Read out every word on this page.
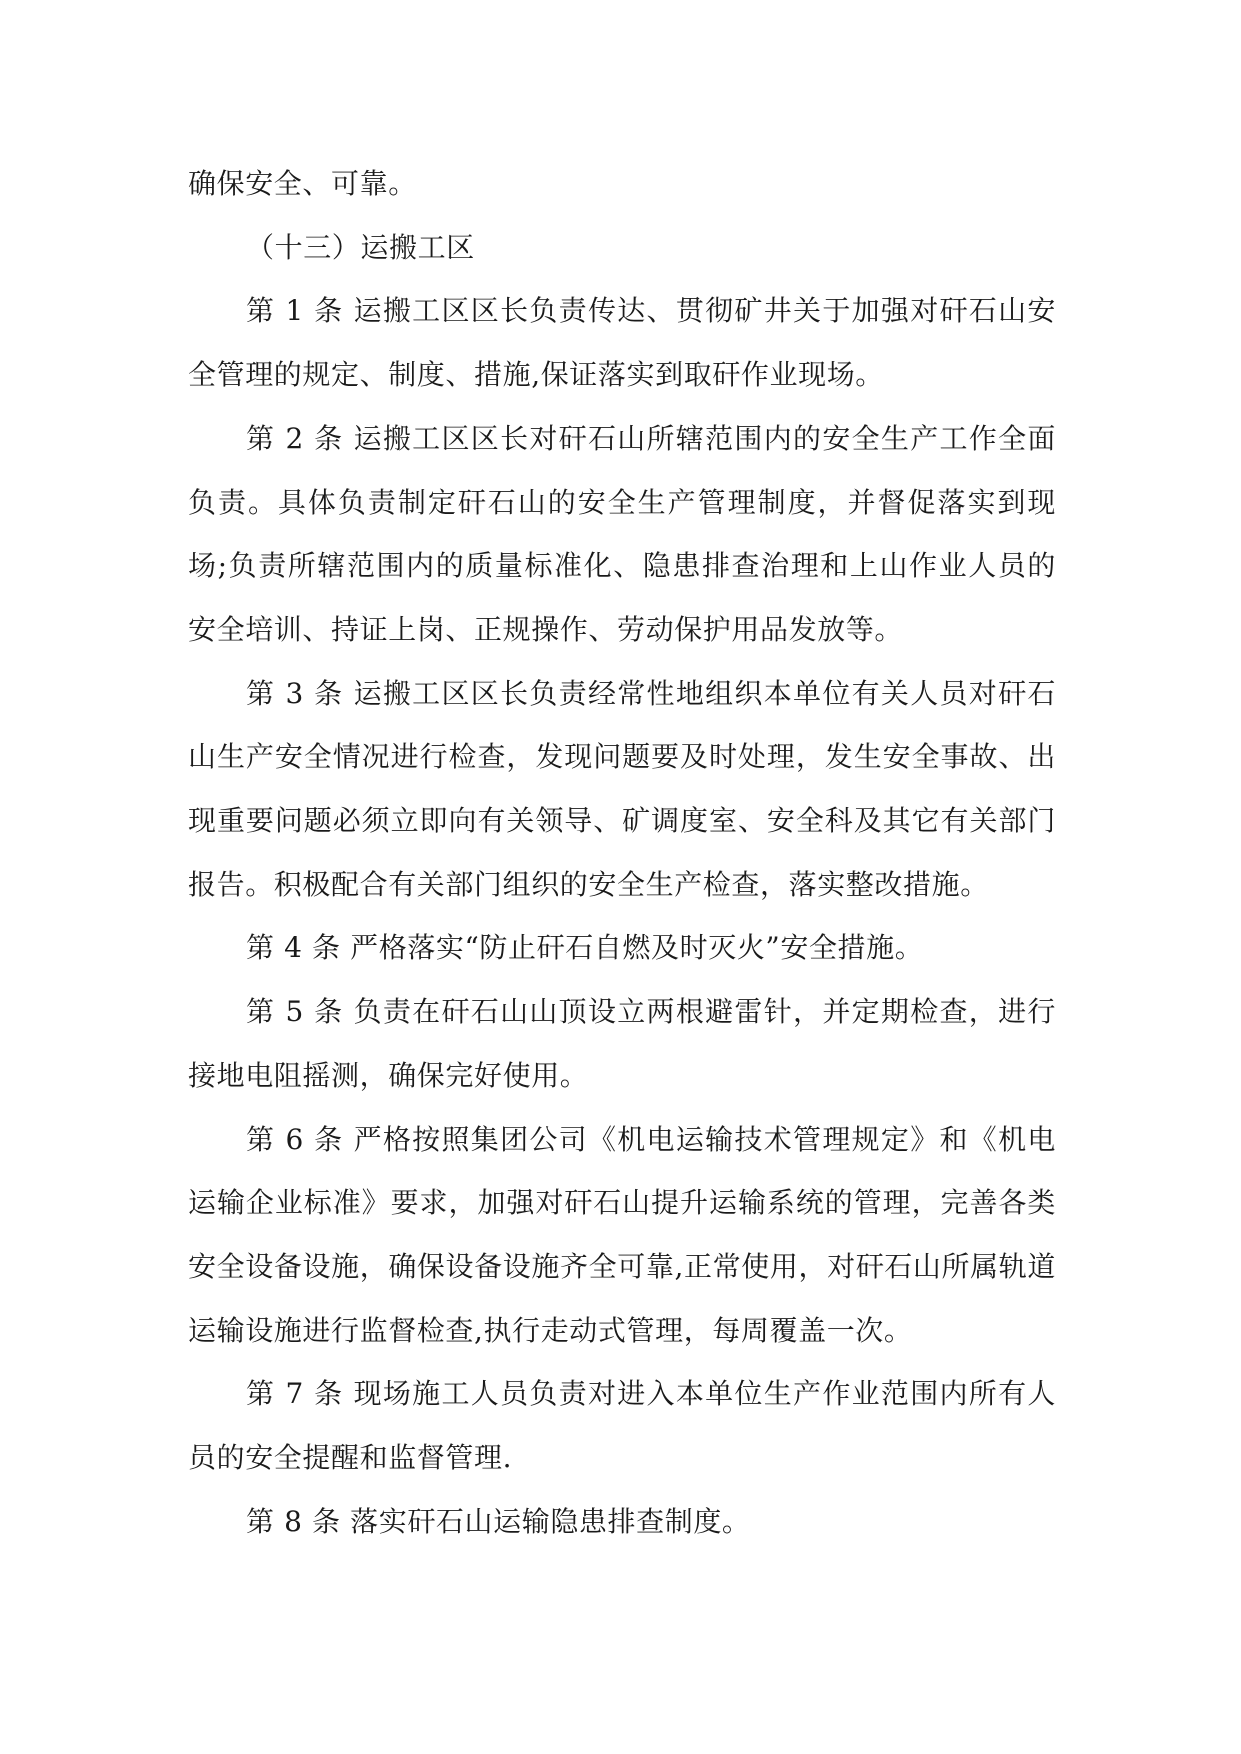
确保安全、可靠。

（十三）运搬工区

第 1 条 运搬工区区长负责传达、贯彻矿井关于加强对矸石山安全管理的规定、制度、措施,保证落实到取矸作业现场。

第 2 条 运搬工区区长对矸石山所辖范围内的安全生产工作全面负责。具体负责制定矸石山的安全生产管理制度，并督促落实到现场;负责所辖范围内的质量标准化、隐患排查治理和上山作业人员的安全培训、持证上岗、正规操作、劳动保护用品发放等。

第 3 条 运搬工区区长负责经常性地组织本单位有关人员对矸石山生产安全情况进行检查，发现问题要及时处理，发生安全事故、出现重要问题必须立即向有关领导、矿调度室、安全科及其它有关部门报告。积极配合有关部门组织的安全生产检查，落实整改措施。

第 4 条 严格落实“防止矸石自燃及时灭火”安全措施。

第 5 条 负责在矸石山山顶设立两根避雷针，并定期检查，进行接地电阻摇测，确保完好使用。

第 6 条 严格按照集团公司《机电运输技术管理规定》和《机电运输企业标准》要求，加强对矸石山提升运输系统的管理，完善各类安全设备设施，确保设备设施齐全可靠,正常使用，对矸石山所属轨道运输设施进行监督检查,执行走动式管理，每周覆盖一次。

第 7 条 现场施工人员负责对进入本单位生产作业范围内所有人员的安全提醒和监督管理.

第 8 条 落实矸石山运输隐患排查制度。
